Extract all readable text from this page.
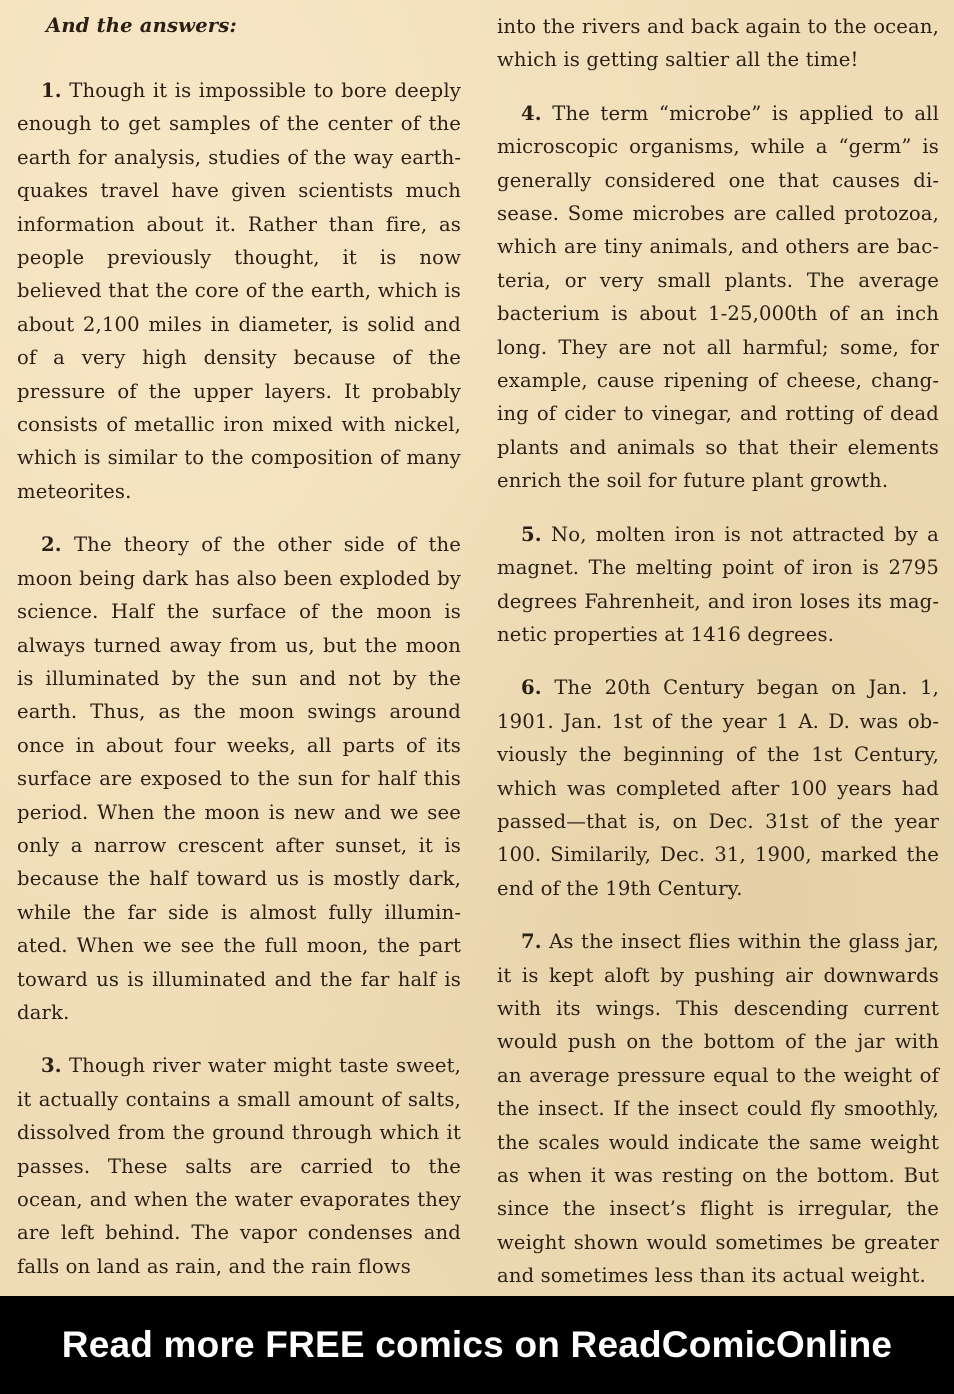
And the answers:

1. Though it is impossible to bore deeply enough to get samples of the center of the earth for analysis, studies of the way earthquakes travel have given scientists much information about it. Rather than fire, as people previously thought, it is now believed that the core of the earth, which is about 2,100 miles in diameter, is solid and of a very high density because of the pressure of the upper layers. It probably consists of metallic iron mixed with nickel, which is similar to the composition of many meteorites.

2. The theory of the other side of the moon being dark has also been exploded by science. Half the surface of the moon is always turned away from us, but the moon is illuminated by the sun and not by the earth. Thus, as the moon swings around once in about four weeks, all parts of its surface are exposed to the sun for half this period. When the moon is new and we see only a narrow crescent after sunset, it is because the half toward us is mostly dark, while the far side is almost fully illuminated. When we see the full moon, the part toward us is illuminated and the far half is dark.

3. Though river water might taste sweet, it actually contains a small amount of salts, dissolved from the ground through which it passes. These salts are carried to the ocean, and when the water evaporates they are left behind. The vapor condenses and falls on land as rain, and the rain flows

into the rivers and back again to the ocean, which is getting saltier all the time!

4. The term “microbe” is applied to all microscopic organisms, while a “germ” is generally considered one that causes disease. Some microbes are called protozoa, which are tiny animals, and others are bacteria, or very small plants. The average bacterium is about 1-25,000th of an inch long. They are not all harmful; some, for example, cause ripening of cheese, changing of cider to vinegar, and rotting of dead plants and animals so that their elements enrich the soil for future plant growth.

5. No, molten iron is not attracted by a magnet. The melting point of iron is 2795 degrees Fahrenheit, and iron loses its magnetic properties at 1416 degrees.

6. The 20th Century began on Jan. 1, 1901. Jan. 1st of the year 1 A. D. was obviously the beginning of the 1st Century, which was completed after 100 years had passed—that is, on Dec. 31st of the year 100. Similarily, Dec. 31, 1900, marked the end of the 19th Century.

7. As the insect flies within the glass jar, it is kept aloft by pushing air downwards with its wings. This descending current would push on the bottom of the jar with an average pressure equal to the weight of the insect. If the insect could fly smoothly, the scales would indicate the same weight as when it was resting on the bottom. But since the insect’s flight is irregular, the weight shown would sometimes be greater and sometimes less than its actual weight.

Read more FREE comics on ReadComicOnline
